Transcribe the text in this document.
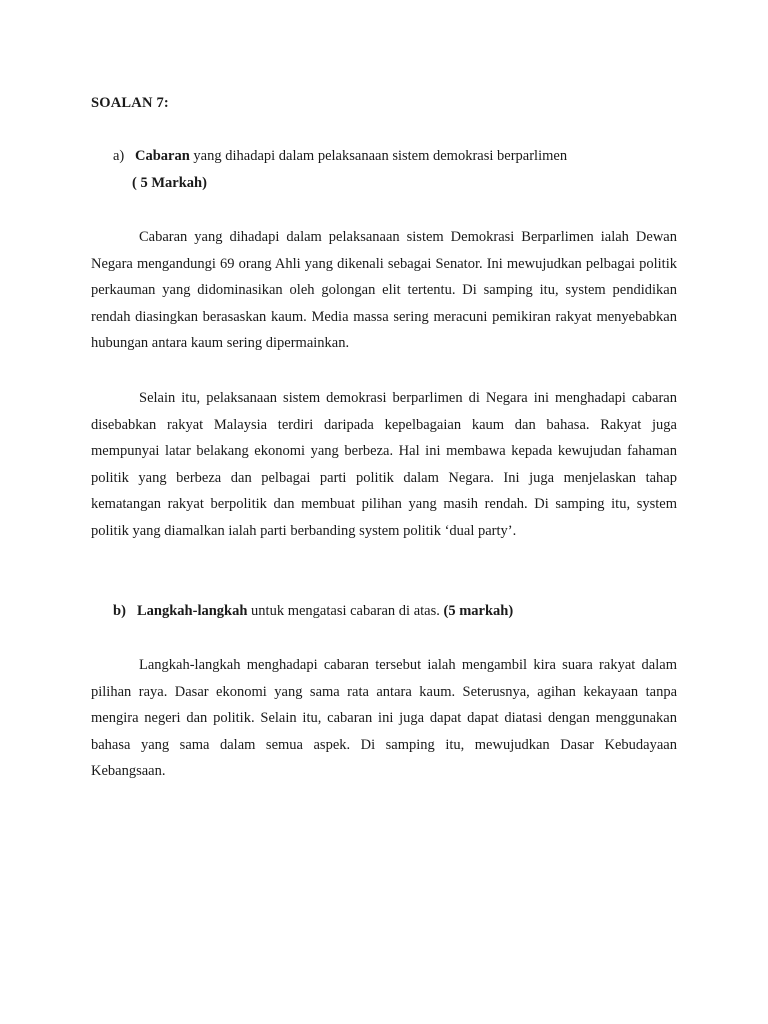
SOALAN 7:
a) Cabaran yang dihadapi dalam pelaksanaan sistem demokrasi berparlimen
( 5 Markah)

Cabaran yang dihadapi dalam pelaksanaan sistem Demokrasi Berparlimen ialah Dewan Negara mengandungi 69 orang Ahli yang dikenali sebagai Senator. Ini mewujudkan pelbagai politik perkauman yang didominasikan oleh golongan elit tertentu. Di samping itu, system pendidikan rendah diasingkan berasaskan kaum. Media massa sering meracuni pemikiran rakyat menyebabkan hubungan antara kaum sering dipermainkan.

Selain itu, pelaksanaan sistem demokrasi berparlimen di Negara ini menghadapi cabaran disebabkan rakyat Malaysia terdiri daripada kepelbagaian kaum dan bahasa. Rakyat juga mempunyai latar belakang ekonomi yang berbeza. Hal ini membawa kepada kewujudan fahaman politik yang berbeza dan pelbagai parti politik dalam Negara. Ini juga menjelaskan tahap kematangan rakyat berpolitik dan membuat pilihan yang masih rendah. Di samping itu, system politik yang diamalkan ialah parti berbanding system politik ‘dual party’.

b) Langkah-langkah untuk mengatasi cabaran di atas. (5 markah)

Langkah-langkah menghadapi cabaran tersebut ialah mengambil kira suara rakyat dalam pilihan raya. Dasar ekonomi yang sama rata antara kaum. Seterusnya, agihan kekayaan tanpa mengira negeri dan politik. Selain itu, cabaran ini juga dapat dapat diatasi dengan menggunakan bahasa yang sama dalam semua aspek. Di samping itu, mewujudkan Dasar Kebudayaan Kebangsaan.
